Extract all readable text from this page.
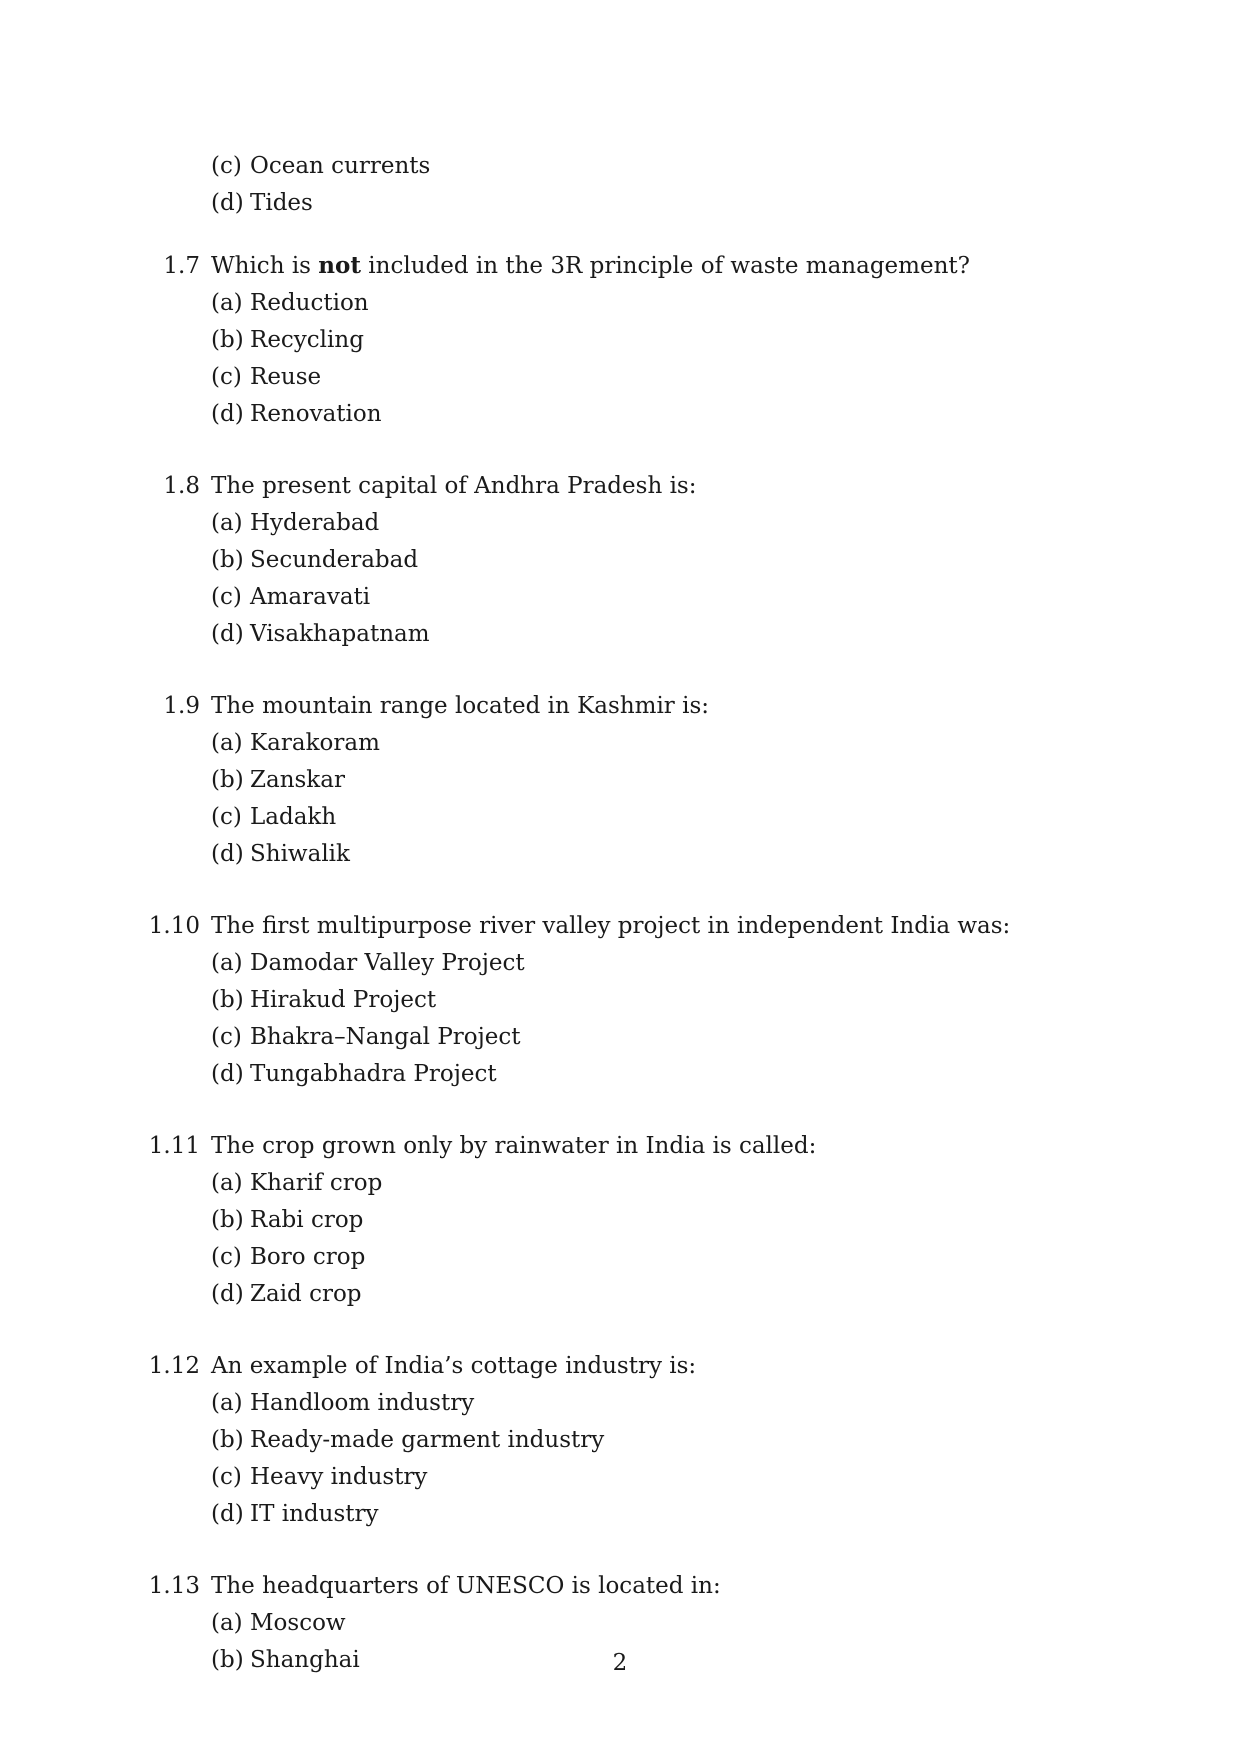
(c) Ocean currents
(d) Tides
1.7 Which is not included in the 3R principle of waste management?
(a) Reduction
(b) Recycling
(c) Reuse
(d) Renovation
1.8 The present capital of Andhra Pradesh is:
(a) Hyderabad
(b) Secunderabad
(c) Amaravati
(d) Visakhapatnam
1.9 The mountain range located in Kashmir is:
(a) Karakoram
(b) Zanskar
(c) Ladakh
(d) Shiwalik
1.10 The first multipurpose river valley project in independent India was:
(a) Damodar Valley Project
(b) Hirakud Project
(c) Bhakra–Nangal Project
(d) Tungabhadra Project
1.11 The crop grown only by rainwater in India is called:
(a) Kharif crop
(b) Rabi crop
(c) Boro crop
(d) Zaid crop
1.12 An example of India’s cottage industry is:
(a) Handloom industry
(b) Ready-made garment industry
(c) Heavy industry
(d) IT industry
1.13 The headquarters of UNESCO is located in:
(a) Moscow
(b) Shanghai	2
